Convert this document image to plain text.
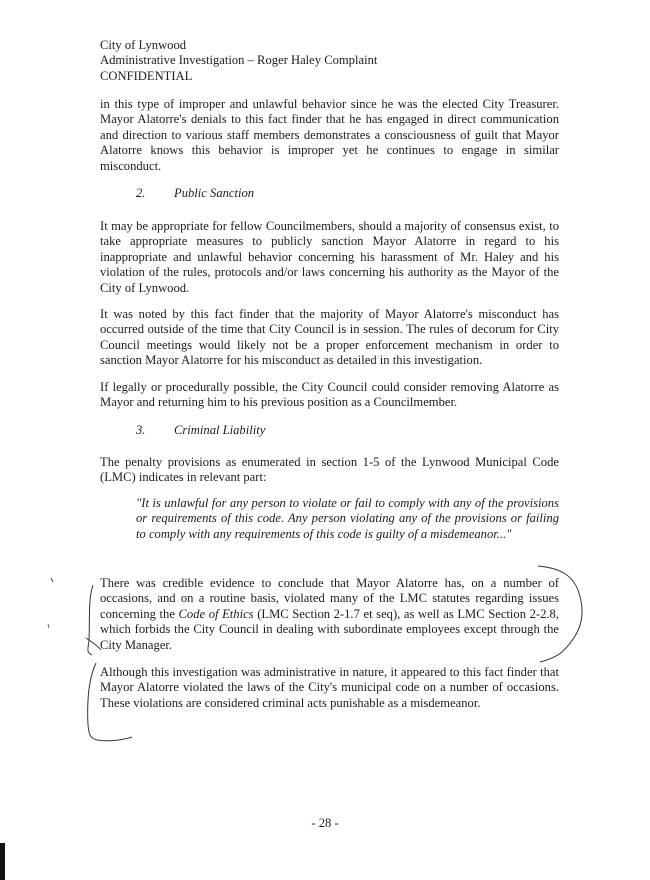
City of Lynwood
Administrative Investigation – Roger Haley Complaint
CONFIDENTIAL

in this type of improper and unlawful behavior since he was the elected City Treasurer. Mayor Alatorre's denials to this fact finder that he has engaged in direct communication and direction to various staff members demonstrates a consciousness of guilt that Mayor Alatorre knows this behavior is improper yet he continues to engage in similar misconduct.

2. Public Sanction

It may be appropriate for fellow Councilmembers, should a majority of consensus exist, to take appropriate measures to publicly sanction Mayor Alatorre in regard to his inappropriate and unlawful behavior concerning his harassment of Mr. Haley and his violation of the rules, protocols and/or laws concerning his authority as the Mayor of the City of Lynwood.

It was noted by this fact finder that the majority of Mayor Alatorre's misconduct has occurred outside of the time that City Council is in session. The rules of decorum for City Council meetings would likely not be a proper enforcement mechanism in order to sanction Mayor Alatorre for his misconduct as detailed in this investigation.

If legally or procedurally possible, the City Council could consider removing Alatorre as Mayor and returning him to his previous position as a Councilmember.

3. Criminal Liability

The penalty provisions as enumerated in section 1-5 of the Lynwood Municipal Code (LMC) indicates in relevant part:

"It is unlawful for any person to violate or fail to comply with any of the provisions or requirements of this code. Any person violating any of the provisions or failing to comply with any requirements of this code is guilty of a misdemeanor..."

There was credible evidence to conclude that Mayor Alatorre has, on a number of occasions, and on a routine basis, violated many of the LMC statutes regarding issues concerning the Code of Ethics (LMC Section 2-1.7 et seq), as well as LMC Section 2-2.8, which forbids the City Council in dealing with subordinate employees except through the City Manager.

Although this investigation was administrative in nature, it appeared to this fact finder that Mayor Alatorre violated the laws of the City's municipal code on a number of occasions. These violations are considered criminal acts punishable as a misdemeanor.

- 28 -
